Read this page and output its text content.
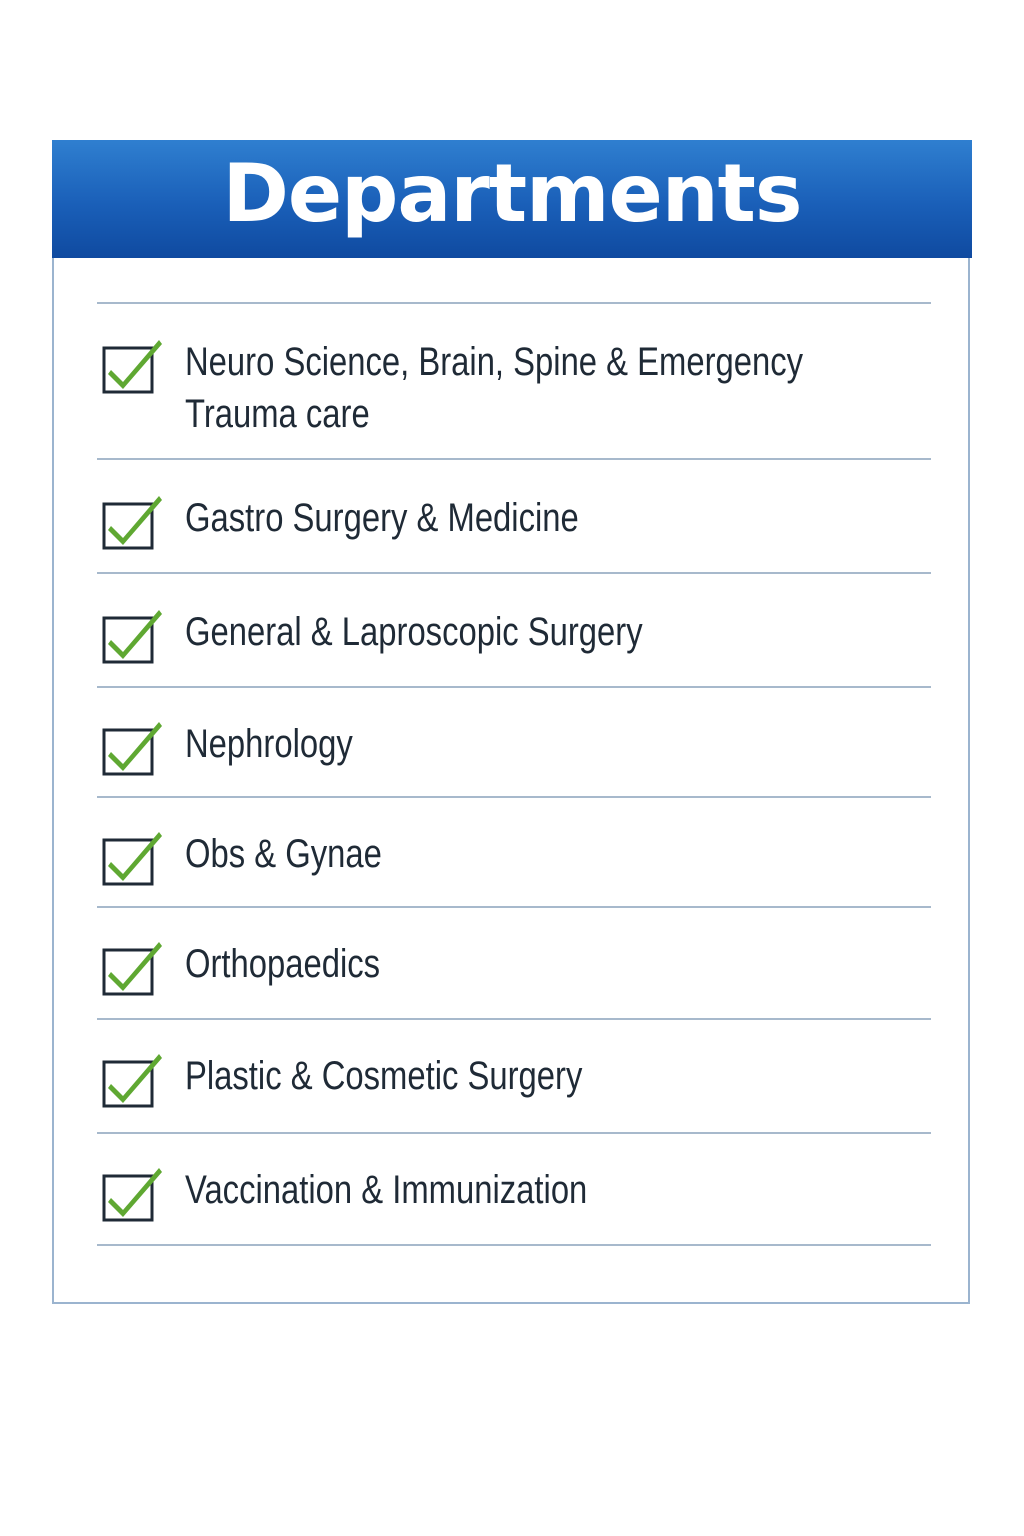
Departments
Neuro Science, Brain, Spine & Emergency
Trauma care
Gastro Surgery & Medicine
General & Laproscopic Surgery
Nephrology
Obs & Gynae
Orthopaedics
Plastic & Cosmetic Surgery
Vaccination & Immunization
